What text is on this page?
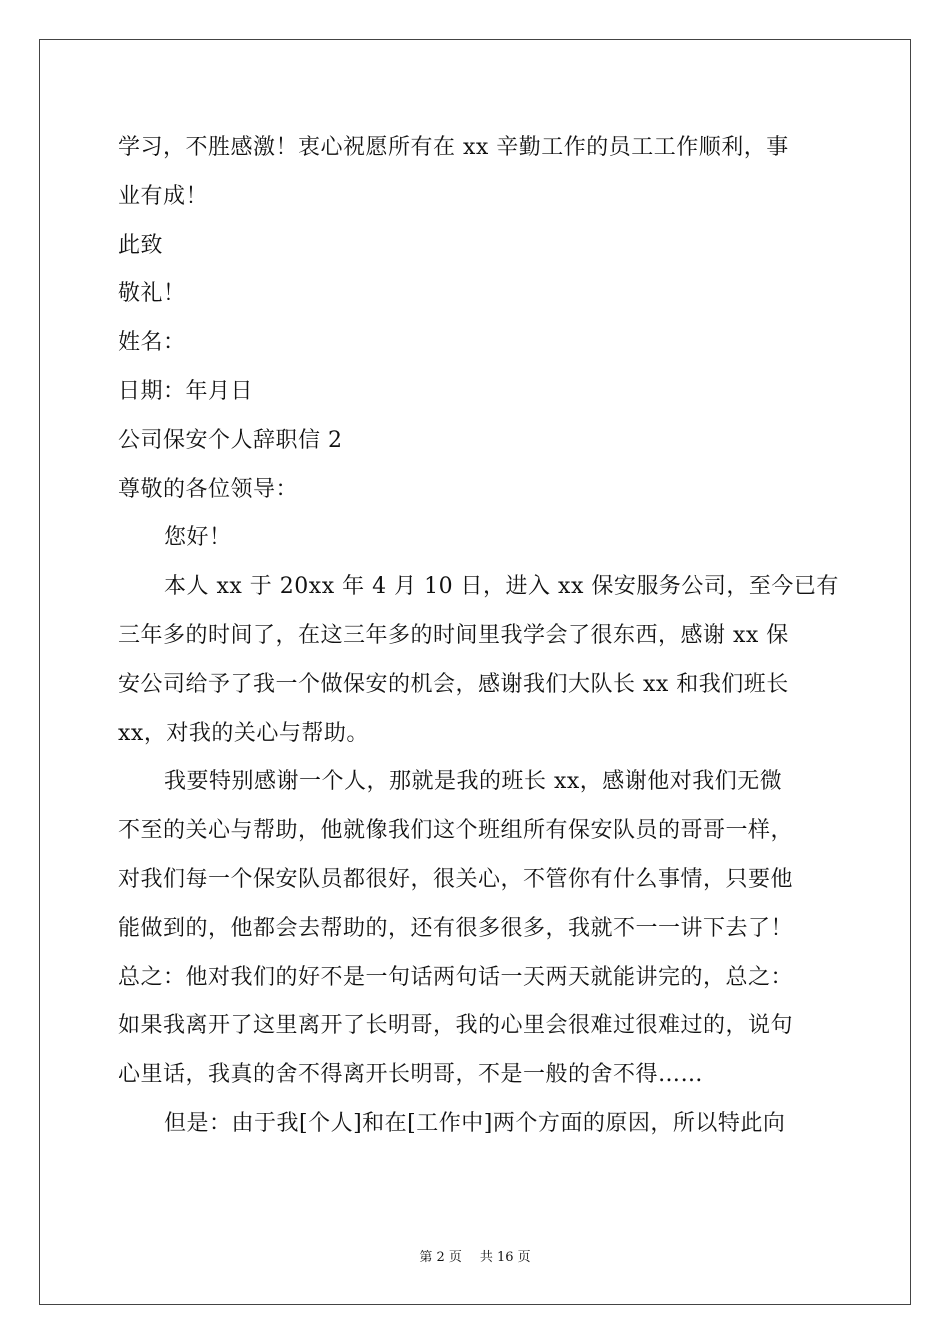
学习，不胜感激！衷心祝愿所有在 xx 辛勤工作的员工工作顺利，事
业有成！
此致
敬礼！
姓名：
日期：年月日
公司保安个人辞职信 2
尊敬的各位领导：
您好！
本人 xx 于 20xx 年 4 月 10 日，进入 xx 保安服务公司，至今已有
三年多的时间了，在这三年多的时间里我学会了很东西，感谢 xx 保
安公司给予了我一个做保安的机会，感谢我们大队长 xx 和我们班长
xx，对我的关心与帮助。
我要特别感谢一个人，那就是我的班长 xx，感谢他对我们无微
不至的关心与帮助，他就像我们这个班组所有保安队员的哥哥一样，
对我们每一个保安队员都很好，很关心，不管你有什么事情，只要他
能做到的，他都会去帮助的，还有很多很多，我就不一一讲下去了！
总之：他对我们的好不是一句话两句话一天两天就能讲完的，总之：
如果我离开了这里离开了长明哥，我的心里会很难过很难过的，说句
心里话，我真的舍不得离开长明哥，不是一般的舍不得……
但是：由于我[个人]和在[工作中]两个方面的原因，所以特此向
第 2 页 共 16 页
